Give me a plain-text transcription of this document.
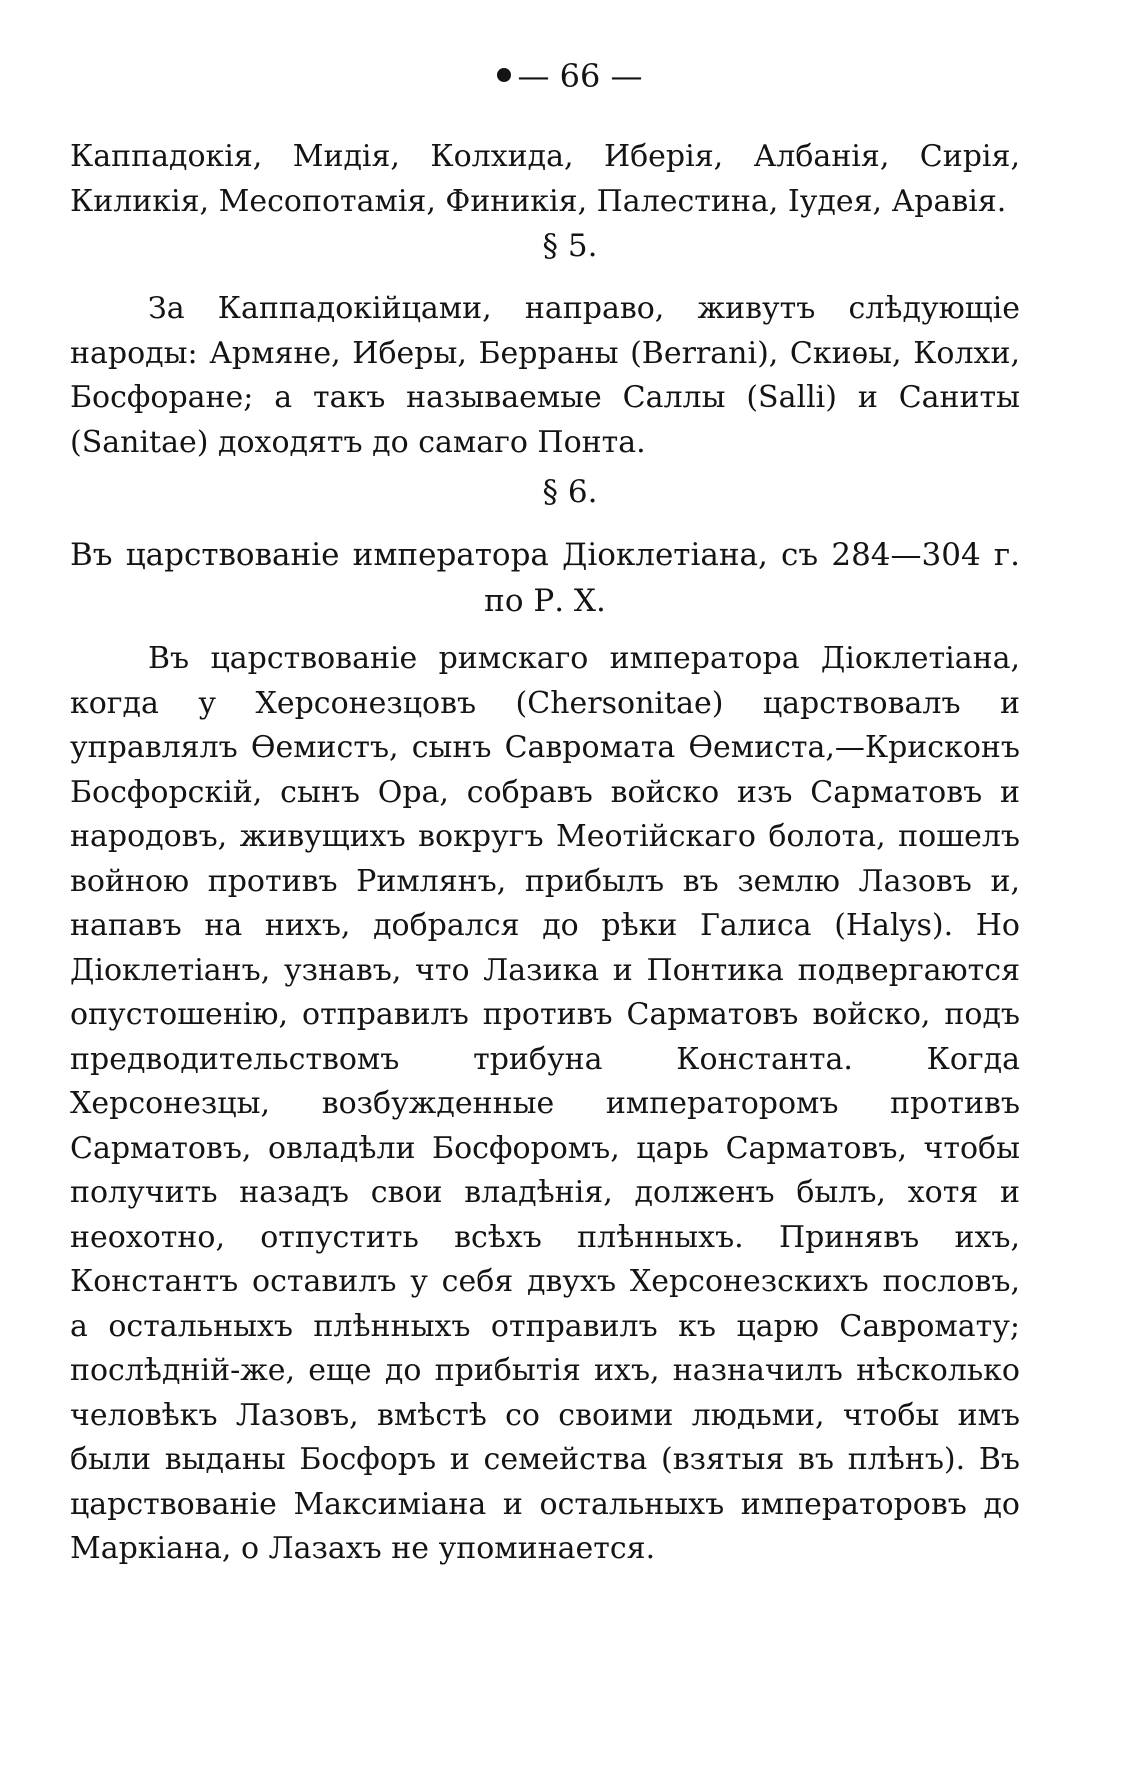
— 66 —

Каппадокія, Мидія, Колхида, Иберія, Албанія, Сирія, Киликія, Месопотамія, Финикія, Палестина, Іудея, Аравія.

§ 5.

За Каппадокійцами, направо, живутъ слѣдующіе народы: Армяне, Иберы, Берраны (Berrani), Скиѳы, Колхи, Босфоране; а такъ называемые Саллы (Salli) и Саниты (Sanitae) доходятъ до самаго Понта.

§ 6.
Въ царствованіе императора Діоклетіана, съ 284—304 г. по Р. Х.

Въ царствованіе римскаго императора Діоклетіана, когда у Херсонезцовъ (Chersonitae) царствовалъ и управлялъ Ѳемистъ, сынъ Савромата Ѳемиста,—Крисконъ Босфорскій, сынъ Ора, собравъ войско изъ Сарматовъ и народовъ, живущихъ вокругъ Меотійскаго болота, пошелъ войною противъ Римлянъ, прибылъ въ землю Лазовъ и, напавъ на нихъ, добрался до рѣки Галиса (Halys). Но Діоклетіанъ, узнавъ, что Лазика и Понтика подвергаются опустошенію, отправилъ противъ Сарматовъ войско, подъ предводительствомъ трибуна Константа. Когда Херсонезцы, возбужденные императоромъ противъ Сарматовъ, овладѣли Босфоромъ, царь Сарматовъ, чтобы получить назадъ свои владѣнія, долженъ былъ, хотя и неохотно, отпустить всѣхъ плѣнныхъ. Принявъ ихъ, Константъ оставилъ у себя двухъ Херсонезскихъ пословъ, а остальныхъ плѣнныхъ отправилъ къ царю Савромату; послѣдній-же, еще до прибытія ихъ, назначилъ нѣсколько человѣкъ Лазовъ, вмѣстѣ со своими людьми, чтобы имъ были выданы Босфоръ и семейства (взятыя въ плѣнъ). Въ царствованіе Максиміана и остальныхъ императоровъ до Маркіана, о Лазахъ не упоминается.
